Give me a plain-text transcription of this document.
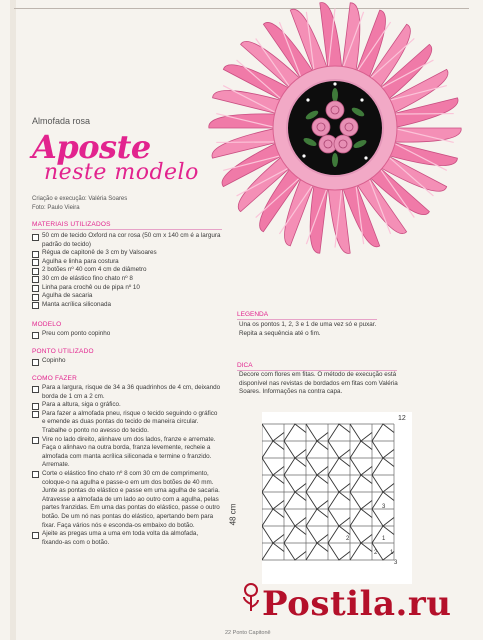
Almofada rosa
Aposte
neste modelo
Criação e execução: Valéria Soares
Foto: Paulo Vieira
MATERIAIS UTILIZADOS
50 cm de tecido Oxford na cor rosa (50 cm x 140 cm é a largura padrão do tecido)
Régua de capitonê de 3 cm by Valsoares
Agulha e linha para costura
2 botões nº 40 com 4 cm de diâmetro
30 cm de elástico fino chato nº 8
Linha para crochê ou de pipa nº 10
Agulha de sacaria
Manta acrílica siliconada
MODELO
Preu com ponto copinho
PONTO UTILIZADO
Copinho
COMO FAZER
Para a largura, risque de 34 a 36 quadrinhos de 4 cm, deixando borda de 1 cm a 2 cm.
Para a altura, siga o gráfico.
Para fazer a almofada pneu, risque o tecido seguindo o gráfico e emende as duas pontas do tecido de maneira circular. Trabalhe o ponto no avesso do tecido.
Vire no lado direito, alinhave um dos lados, franze e arremate. Faça o alinhavo na outra borda, franza levemente, recheie a almofada com manta acrílica siliconada e termine o franzido. Arremate.
Corte o elástico fino chato nº 8 com 30 cm de comprimento, coloque-o na agulha e passe-o em um dos botões de 40 mm. Junte as pontas do elástico e passe em uma agulha de sacaria. Atravesse a almofada de um lado ao outro com a agulha, pelas partes franzidas. Em uma das pontas do elástico, passe o outro botão. De um nó nas pontas do elástico, apertando bem para fixar. Faça vários nós e esconda-os embaixo do botão.
Ajeite as pregas uma a uma em toda volta da almofada, fixando-as com o botão.
LEGENDA
Una os pontos 1, 2, 3 e 1 de uma vez só e puxar. Repita a sequência até o fim.
DICA
Decore com flores em fitas. O método de execução está disponível nas revistas de bordados em fitas com Valéria Soares. Informações na contra capa.
48 cm
12
1
2
3
1
2
3
Postila.ru
22 Ponto Capitonê
